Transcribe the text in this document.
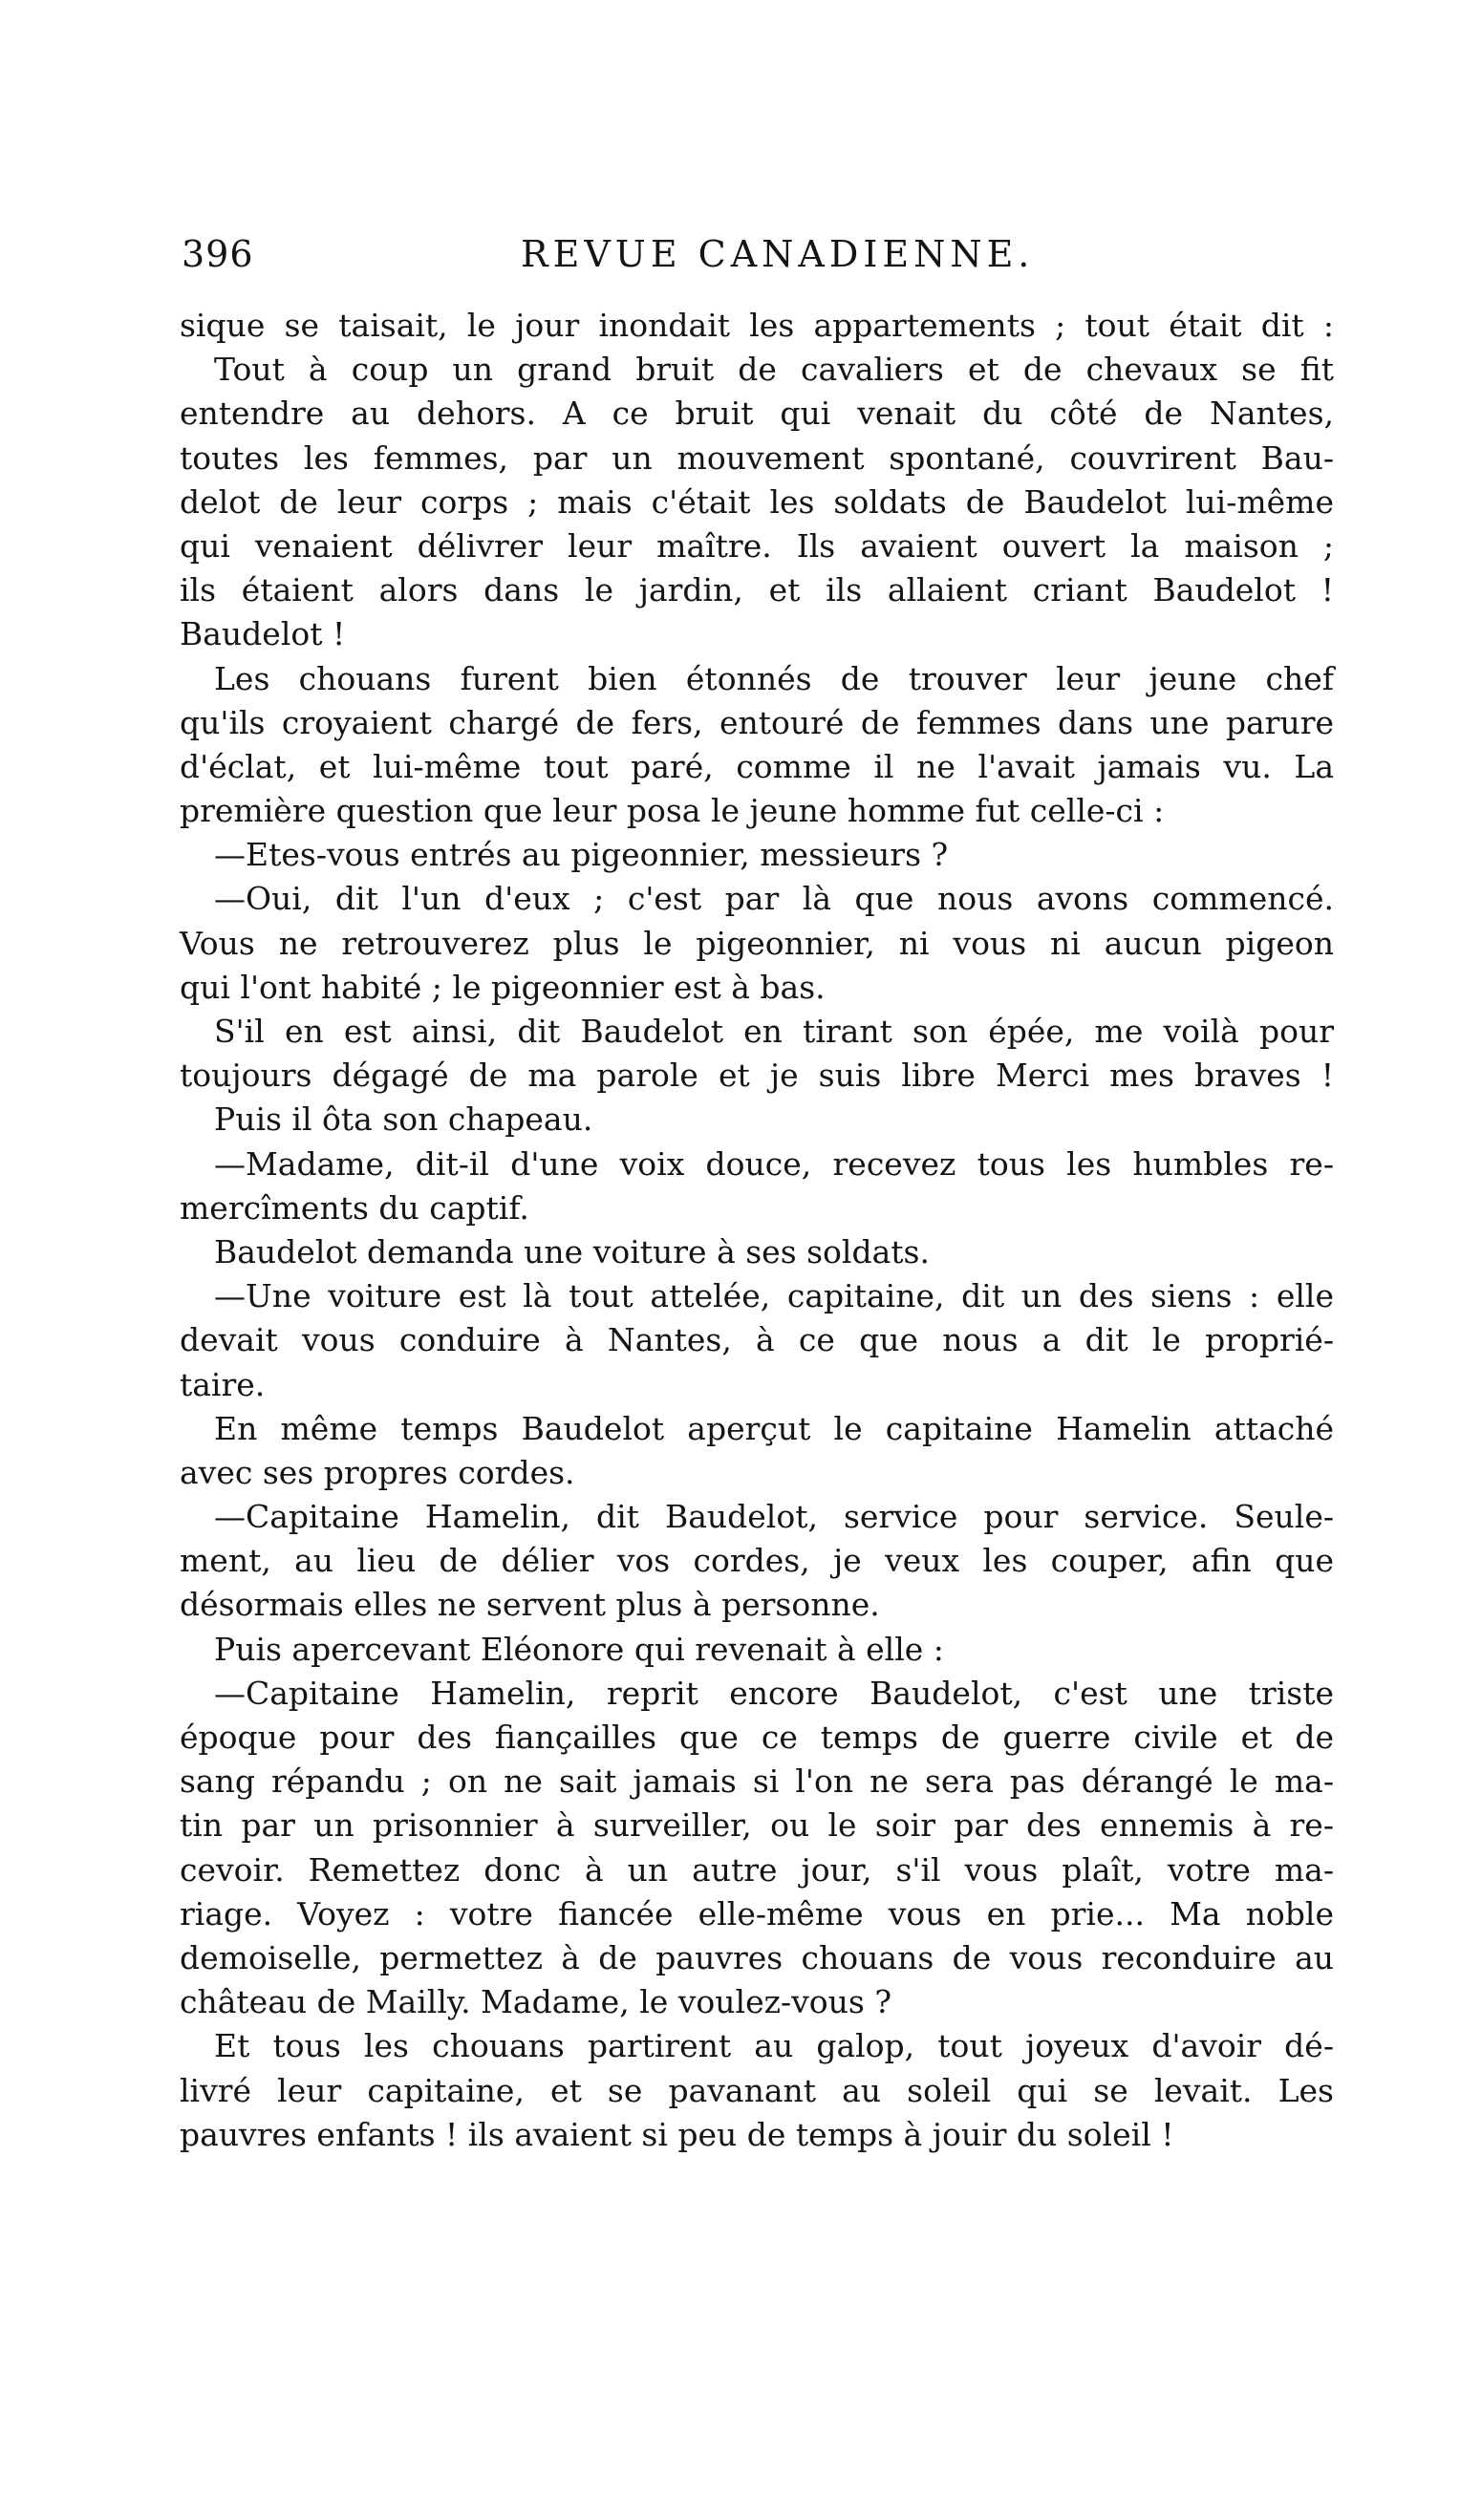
396	REVUE CANADIENNE.
sique se taisait, le jour inondait les appartements ; tout était dit :
Tout à coup un grand bruit de cavaliers et de chevaux se fit
entendre au dehors. A ce bruit qui venait du côté de Nantes,
toutes les femmes, par un mouvement spontané, couvrirent Bau-
delot de leur corps ; mais c'était les soldats de Baudelot lui-même
qui venaient délivrer leur maître. Ils avaient ouvert la maison ;
ils étaient alors dans le jardin, et ils allaient criant Baudelot !
Baudelot !
Les chouans furent bien étonnés de trouver leur jeune chef
qu'ils croyaient chargé de fers, entouré de femmes dans une parure
d'éclat, et lui-même tout paré, comme il ne l'avait jamais vu. La
première question que leur posa le jeune homme fut celle-ci :
—Etes-vous entrés au pigeonnier, messieurs ?
—Oui, dit l'un d'eux ; c'est par là que nous avons commencé.
Vous ne retrouverez plus le pigeonnier, ni vous ni aucun pigeon
qui l'ont habité ; le pigeonnier est à bas.
S'il en est ainsi, dit Baudelot en tirant son épée, me voilà pour
toujours dégagé de ma parole et je suis libre Merci mes braves !
Puis il ôta son chapeau.
—Madame, dit-il d'une voix douce, recevez tous les humbles re-
mercîments du captif.
Baudelot demanda une voiture à ses soldats.
—Une voiture est là tout attelée, capitaine, dit un des siens : elle
devait vous conduire à Nantes, à ce que nous a dit le proprié-
taire.
En même temps Baudelot aperçut le capitaine Hamelin attaché
avec ses propres cordes.
—Capitaine Hamelin, dit Baudelot, service pour service. Seule-
ment, au lieu de délier vos cordes, je veux les couper, afin que
désormais elles ne servent plus à personne.
Puis apercevant Eléonore qui revenait à elle :
—Capitaine Hamelin, reprit encore Baudelot, c'est une triste
époque pour des fiançailles que ce temps de guerre civile et de
sang répandu ; on ne sait jamais si l'on ne sera pas dérangé le ma-
tin par un prisonnier à surveiller, ou le soir par des ennemis à re-
cevoir. Remettez donc à un autre jour, s'il vous plaît, votre ma-
riage. Voyez : votre fiancée elle-même vous en prie... Ma noble
demoiselle, permettez à de pauvres chouans de vous reconduire au
château de Mailly. Madame, le voulez-vous ?
Et tous les chouans partirent au galop, tout joyeux d'avoir dé-
livré leur capitaine, et se pavanant au soleil qui se levait. Les
pauvres enfants ! ils avaient si peu de temps à jouir du soleil !
